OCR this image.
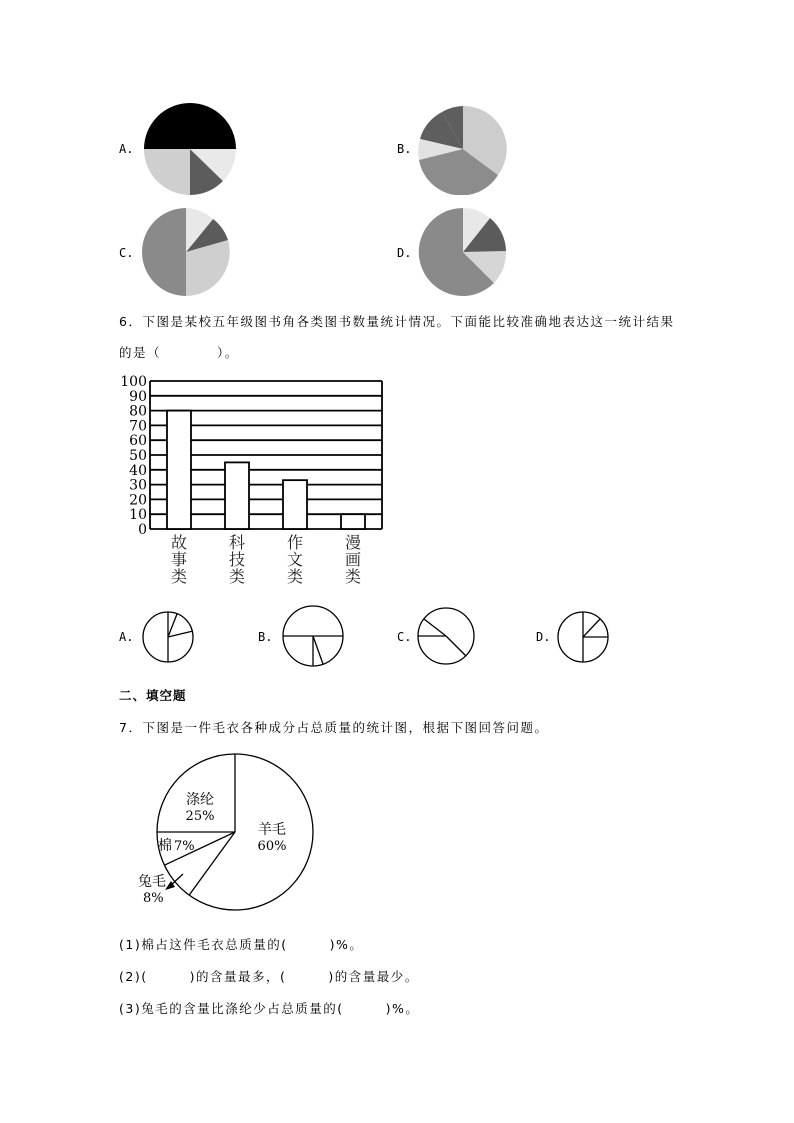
A.	B.
C.	D.
6．下图是某校五年级图书角各类图书数量统计情况。下面能比较准确地表达这一统计结果
的是（　　　　）。
0
10
20
30
40
50
60
70
80
90
100
故
事
类
科
技
类
作
文
类
漫
画
类
A.	B.	C.	D.
二、填空题
7．下图是一件毛衣各种成分占总质量的统计图，根据下图回答问题。
羊毛
60%
涤纶
25%
棉 7%
兔毛
8%
(1)棉占这件毛衣总质量的(　　　)%。
(2)(　　　)的含量最多，(　　　)的含量最少。
(3)兔毛的含量比涤纶少占总质量的(　　　)%。
